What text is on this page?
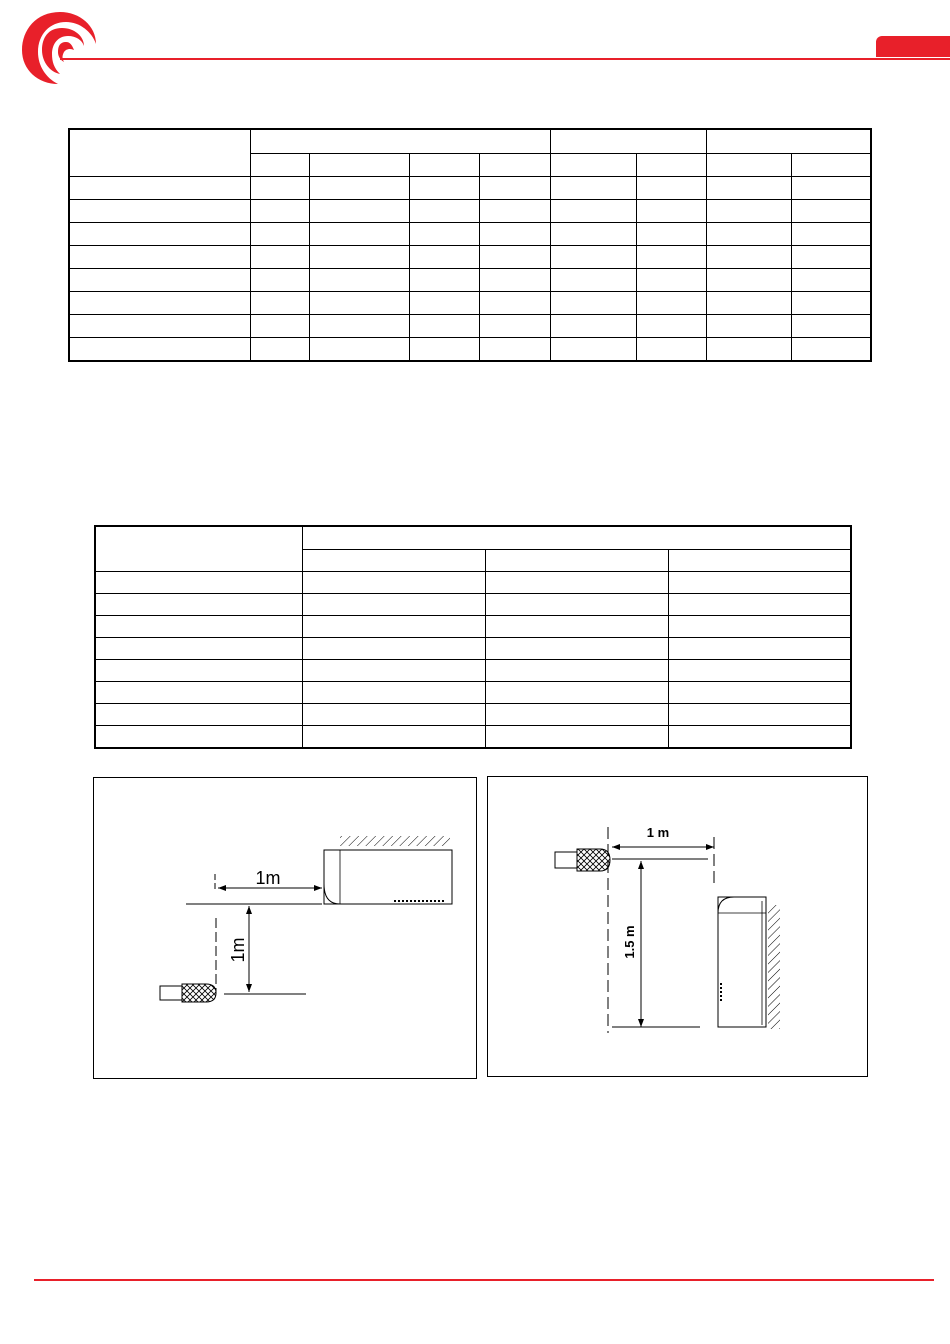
1m
1m
1 m
1.5 m
